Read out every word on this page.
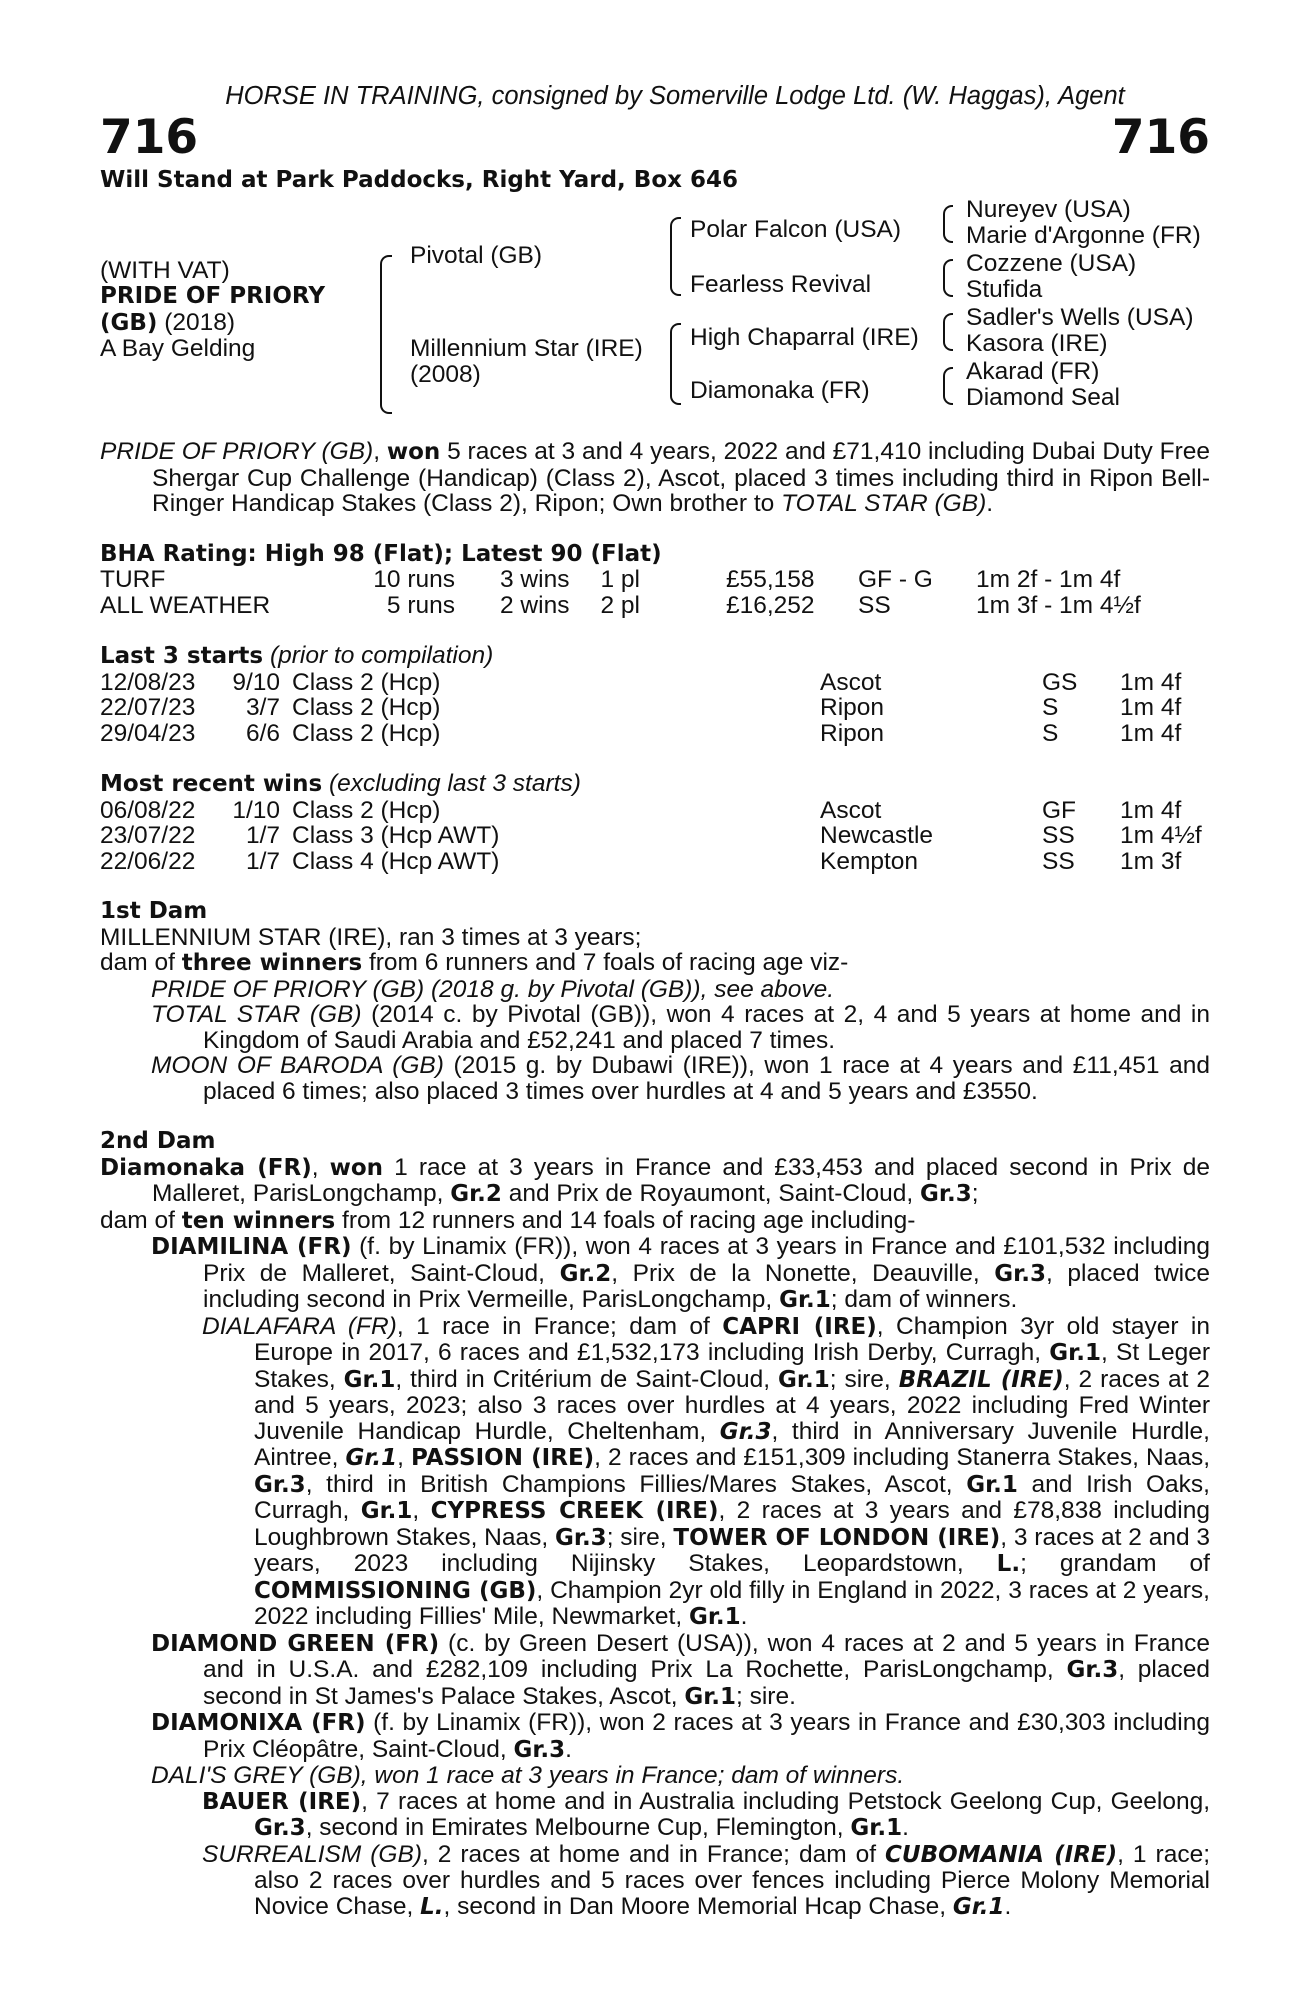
HORSE IN TRAINING, consigned by Somerville Lodge Ltd. (W. Haggas), Agent
716	716
Will Stand at Park Paddocks, Right Yard, Box 646
(WITH VAT)
PRIDE OF PRIORY
(GB) (2018)
A Bay Gelding
Pivotal (GB)
Millennium Star (IRE)
(2008)
Polar Falcon (USA)
Fearless Revival
High Chaparral (IRE)
Diamonaka (FR)
Nureyev (USA)
Marie d'Argonne (FR)
Cozzene (USA)
Stufida
Sadler's Wells (USA)
Kasora (IRE)
Akarad (FR)
Diamond Seal

PRIDE OF PRIORY (GB), won 5 races at 3 and 4 years, 2022 and £71,410 including Dubai Duty Free Shergar Cup Challenge (Handicap) (Class 2), Ascot, placed 3 times including third in Ripon Bell-Ringer Handicap Stakes (Class 2), Ripon; Own brother to TOTAL STAR (GB).

BHA Rating: High 98 (Flat); Latest 90 (Flat)
TURF	10 runs 3 wins	1 pl	£55,158 GF - G 1m 2f - 1m 4f
ALL WEATHER	5 runs 2 wins	2 pl	£16,252 SS	1m 3f - 1m 4½f
Last 3 starts (prior to compilation)
12/08/23	9/10 Class 2 (Hcp)	Ascot	GS 1m 4f
22/07/23	3/7 Class 2 (Hcp)	Ripon	S	1m 4f
29/04/23	6/6 Class 2 (Hcp)	Ripon	S	1m 4f
Most recent wins (excluding last 3 starts)
06/08/22	1/10 Class 2 (Hcp)	Ascot	GF 1m 4f
23/07/22	1/7 Class 3 (Hcp AWT)	Newcastle	SS 1m 4½f
22/06/22	1/7 Class 4 (Hcp AWT)	Kempton	SS 1m 3f
1st Dam

MILLENNIUM STAR (IRE), ran 3 times at 3 years;

dam of three winners from 6 runners and 7 foals of racing age viz-

PRIDE OF PRIORY (GB) (2018 g. by Pivotal (GB)), see above.

TOTAL STAR (GB) (2014 c. by Pivotal (GB)), won 4 races at 2, 4 and 5 years at home and in Kingdom of Saudi Arabia and £52,241 and placed 7 times.

MOON OF BARODA (GB) (2015 g. by Dubawi (IRE)), won 1 race at 4 years and £11,451 and placed 6 times; also placed 3 times over hurdles at 4 and 5 years and £3550.

2nd Dam

Diamonaka (FR), won 1 race at 3 years in France and £33,453 and placed second in Prix de Malleret, ParisLongchamp, Gr.2 and Prix de Royaumont, Saint-Cloud, Gr.3;

dam of ten winners from 12 runners and 14 foals of racing age including-

DIAMILINA (FR) (f. by Linamix (FR)), won 4 races at 3 years in France and £101,532 including Prix de Malleret, Saint-Cloud, Gr.2, Prix de la Nonette, Deauville, Gr.3, placed twice including second in Prix Vermeille, ParisLongchamp, Gr.1; dam of winners.

DIALAFARA (FR), 1 race in France; dam of CAPRI (IRE), Champion 3yr old stayer in Europe in 2017, 6 races and £1,532,173 including Irish Derby, Curragh, Gr.1, St Leger Stakes, Gr.1, third in Critérium de Saint-Cloud, Gr.1; sire, BRAZIL (IRE), 2 races at 2 and 5 years, 2023; also 3 races over hurdles at 4 years, 2022 including Fred Winter Juvenile Handicap Hurdle, Cheltenham, Gr.3, third in Anniversary Juvenile Hurdle, Aintree, Gr.1, PASSION (IRE), 2 races and £151,309 including Stanerra Stakes, Naas, Gr.3, third in British Champions Fillies/Mares Stakes, Ascot, Gr.1 and Irish Oaks, Curragh, Gr.1, CYPRESS CREEK (IRE), 2 races at 3 years and £78,838 including Loughbrown Stakes, Naas, Gr.3; sire, TOWER OF LONDON (IRE), 3 races at 2 and 3 years, 2023 including Nijinsky Stakes, Leopardstown, L.; grandam of COMMISSIONING (GB), Champion 2yr old filly in England in 2022, 3 races at 2 years, 2022 including Fillies' Mile, Newmarket, Gr.1.

DIAMOND GREEN (FR) (c. by Green Desert (USA)), won 4 races at 2 and 5 years in France and in U.S.A. and £282,109 including Prix La Rochette, ParisLongchamp, Gr.3, placed second in St James's Palace Stakes, Ascot, Gr.1; sire.

DIAMONIXA (FR) (f. by Linamix (FR)), won 2 races at 3 years in France and £30,303 including Prix Cléopâtre, Saint-Cloud, Gr.3.

DALI'S GREY (GB), won 1 race at 3 years in France; dam of winners.

BAUER (IRE), 7 races at home and in Australia including Petstock Geelong Cup, Geelong, Gr.3, second in Emirates Melbourne Cup, Flemington, Gr.1.

SURREALISM (GB), 2 races at home and in France; dam of CUBOMANIA (IRE), 1 race; also 2 races over hurdles and 5 races over fences including Pierce Molony Memorial Novice Chase, L., second in Dan Moore Memorial Hcap Chase, Gr.1.
